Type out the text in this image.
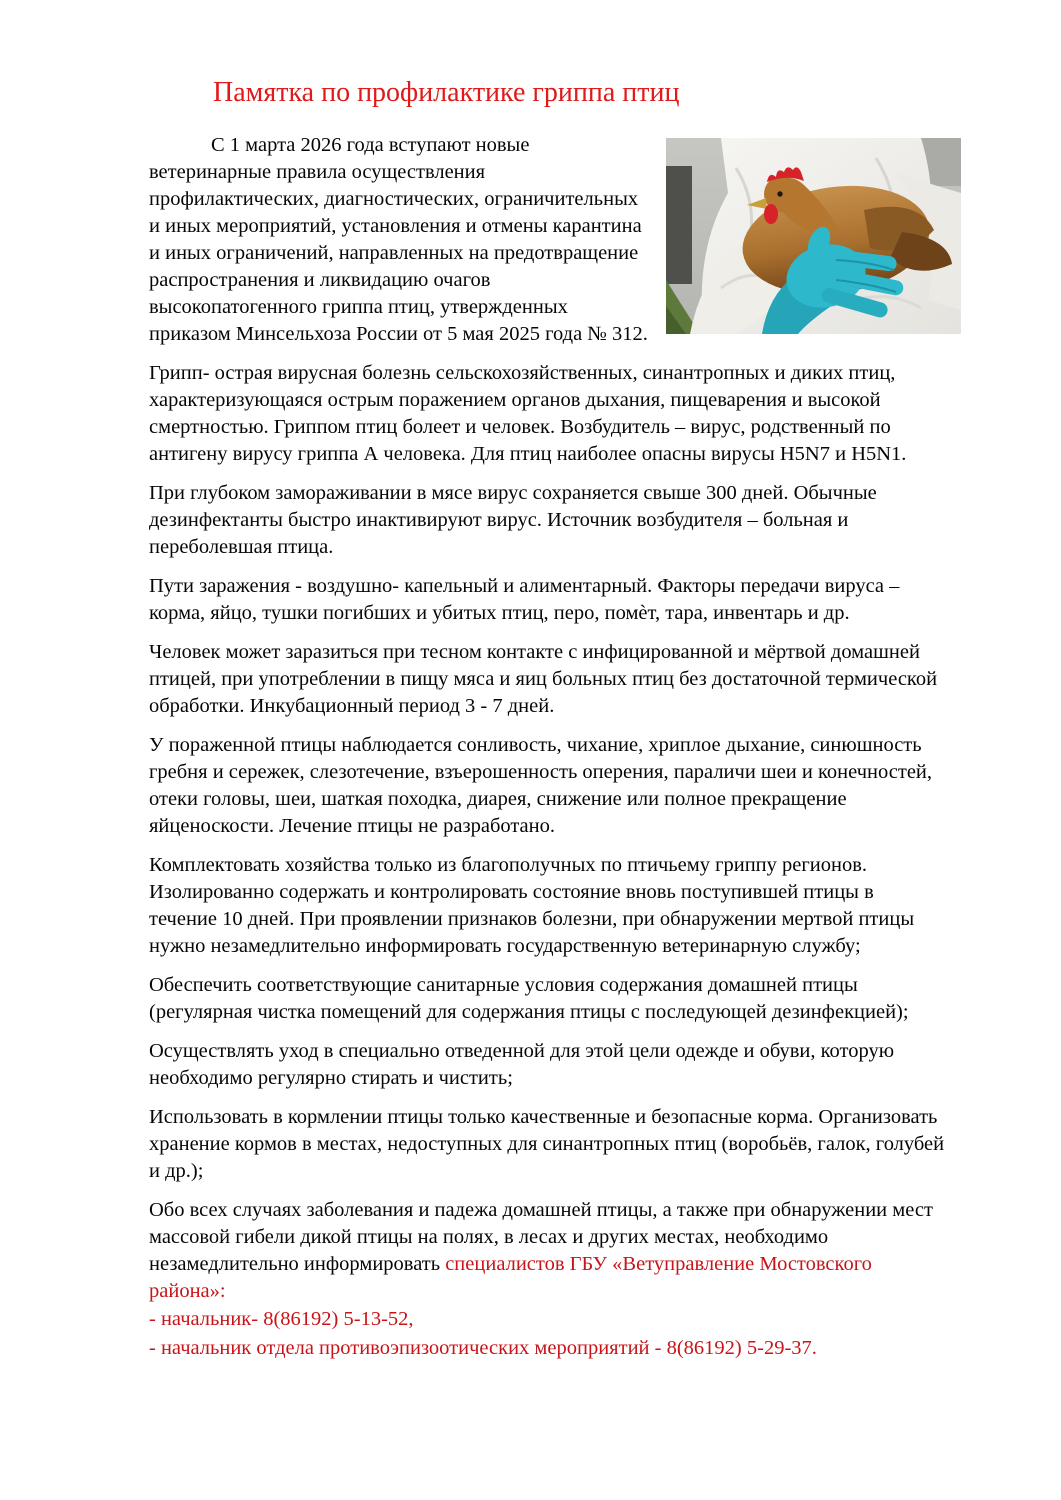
Памятка по профилактике гриппа птиц

С 1 марта 2026 года вступают новые ветеринарные правила осуществления профилактических, диагностических, ограничительных и иных мероприятий, установления и отмены карантина и иных ограничений, направленных на предотвращение распространения и ликвидацию очагов высокопатогенного гриппа птиц, утвержденных приказом Минсельхоза России от 5 мая 2025 года № 312.

Грипп- острая вирусная болезнь сельскохозяйственных, синантропных и диких птиц, характеризующаяся острым поражением органов дыхания, пищеварения и высокой смертностью. Гриппом птиц болеет и человек. Возбудитель – вирус, родственный по антигену вирусу гриппа А человека. Для птиц наиболее опасны вирусы H5N7 и H5N1.

При глубоком замораживании в мясе вирус сохраняется свыше 300 дней. Обычные дезинфектанты быстро инактивируют вирус. Источник возбудителя – больная и переболевшая птица.

Пути заражения - воздушно- капельный и алиментарный. Факторы передачи вируса – корма, яйцо, тушки погибших и убитых птиц, перо, помѐт, тара, инвентарь и др.

Человек может заразиться при тесном контакте с инфицированной и мёртвой домашней птицей, при употреблении в пищу мяса и яиц больных птиц без достаточной термической обработки. Инкубационный период 3 - 7 дней.

У пораженной птицы наблюдается сонливость, чихание, хриплое дыхание, синюшность гребня и сережек, слезотечение, взъерошенность оперения, параличи шеи и конечностей, отеки головы, шеи, шаткая походка, диарея, снижение или полное прекращение яйценоскости. Лечение птицы не разработано.

Комплектовать хозяйства только из благополучных по птичьему гриппу регионов. Изолированно содержать и контролировать состояние вновь поступившей птицы в течение 10 дней. При проявлении признаков болезни, при обнаружении мертвой птицы нужно незамедлительно информировать государственную ветеринарную службу;

Обеспечить соответствующие санитарные условия содержания домашней птицы (регулярная чистка помещений для содержания птицы с последующей дезинфекцией);

Осуществлять уход в специально отведенной для этой цели одежде и обуви, которую необходимо регулярно стирать и чистить;

Использовать в кормлении птицы только качественные и безопасные корма. Организовать хранение кормов в местах, недоступных для синантропных птиц (воробьёв, галок, голубей и др.);

Обо всех случаях заболевания и падежа домашней птицы, а также при обнаружении мест массовой гибели дикой птицы на полях, в лесах и других местах, необходимо незамедлительно информировать специалистов ГБУ «Ветуправление Мостовского района»:

- начальник- 8(86192) 5-13-52,
- начальник отдела противоэпизоотических мероприятий - 8(86192) 5-29-37.
